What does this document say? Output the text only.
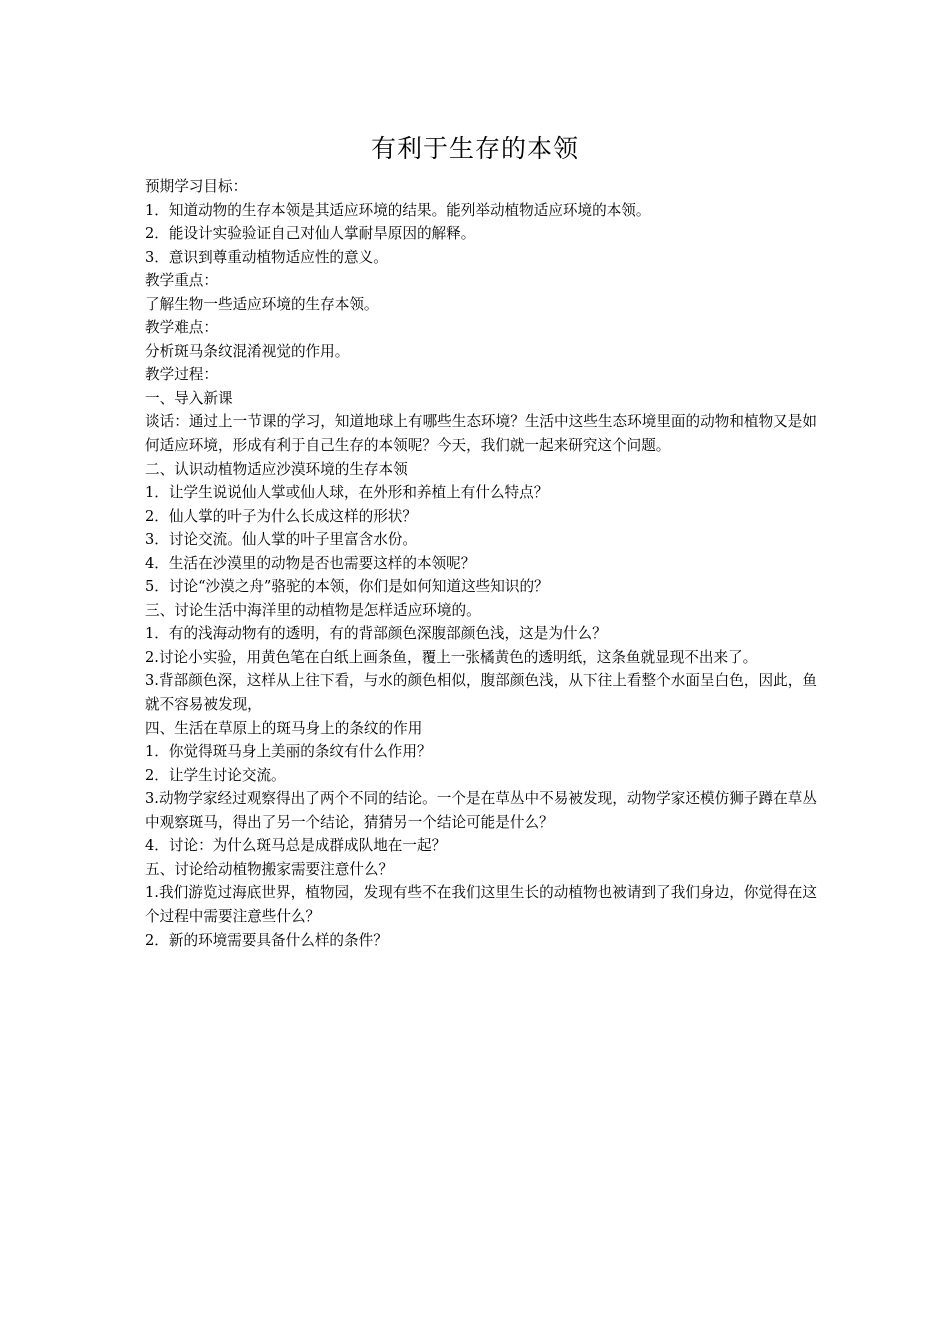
有利于生存的本领

预期学习目标：

1．知道动物的生存本领是其适应环境的结果。能列举动植物适应环境的本领。

2．能设计实验验证自己对仙人掌耐旱原因的解释。

3．意识到尊重动植物适应性的意义。

教学重点：

了解生物一些适应环境的生存本领。

教学难点：

分析斑马条纹混淆视觉的作用。

教学过程：

一、导入新课

谈话：通过上一节课的学习，知道地球上有哪些生态环境？生活中这些生态环境里面的动物和植物又是如何适应环境，形成有利于自己生存的本领呢？今天，我们就一起来研究这个问题。

二、认识动植物适应沙漠环境的生存本领

1．让学生说说仙人掌或仙人球，在外形和养植上有什么特点？

2．仙人掌的叶子为什么长成这样的形状？

3．讨论交流。仙人掌的叶子里富含水份。

4．生活在沙漠里的动物是否也需要这样的本领呢？

5．讨论“沙漠之舟”骆驼的本领，你们是如何知道这些知识的？

三、讨论生活中海洋里的动植物是怎样适应环境的。

1．有的浅海动物有的透明，有的背部颜色深腹部颜色浅，这是为什么？

2.讨论小实验，用黄色笔在白纸上画条鱼，覆上一张橘黄色的透明纸，这条鱼就显现不出来了。

3.背部颜色深，这样从上往下看，与水的颜色相似，腹部颜色浅，从下往上看整个水面呈白色，因此，鱼就不容易被发现，

四、生活在草原上的斑马身上的条纹的作用

1．你觉得斑马身上美丽的条纹有什么作用？

2．让学生讨论交流。

3.动物学家经过观察得出了两个不同的结论。一个是在草丛中不易被发现，动物学家还模仿狮子蹲在草丛中观察斑马，得出了另一个结论，猜猜另一个结论可能是什么？

4．讨论：为什么斑马总是成群成队地在一起？

五、讨论给动植物搬家需要注意什么？

1.我们游览过海底世界，植物园，发现有些不在我们这里生长的动植物也被请到了我们身边，你觉得在这个过程中需要注意些什么？

2．新的环境需要具备什么样的条件？
